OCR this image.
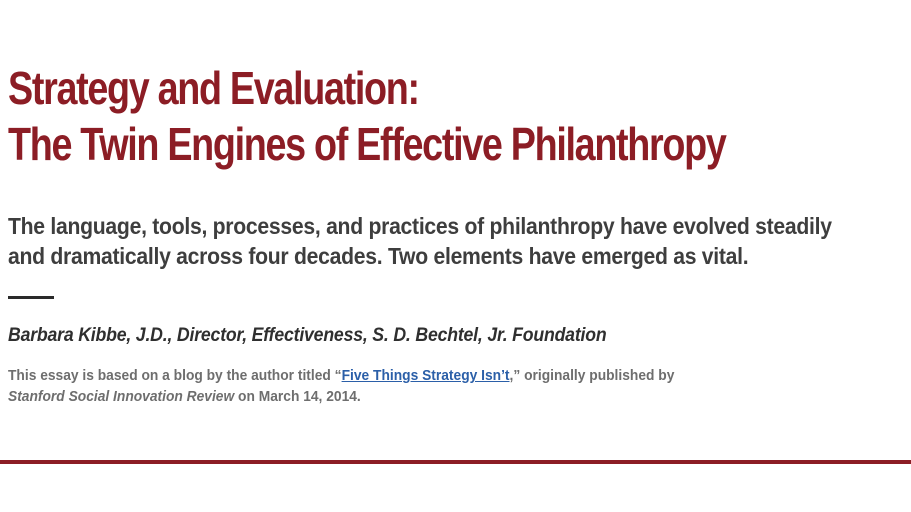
Strategy and Evaluation:
The Twin Engines of Effective Philanthropy

The language, tools, processes, and practices of philanthropy have evolved steadily
and dramatically across four decades. Two elements have emerged as vital.

Barbara Kibbe, J.D., Director, Effectiveness, S. D. Bechtel, Jr. Foundation

This essay is based on a blog by the author titled “Five Things Strategy Isn’t,” originally published by
Stanford Social Innovation Review on March 14, 2014.
